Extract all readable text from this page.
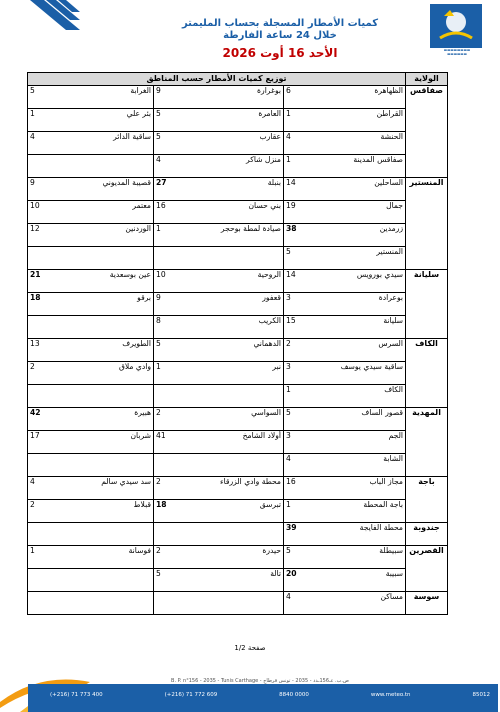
▬▬▬▬▬▬▬▬
▬▬▬▬▬▬
كميات الأمطار المسجلة بحساب المليمتر
خلال 24 ساعة الفارطة
الأحد 16 أوت 2026
الولاية	توزيع كميات الأمطار حسب المناطق					
صفاقس	الظهاهرة	6	بوغرارة	9	الغرابة	5
	القراطن	1	العامرة	5	بئر علي	1
	الحنشة	4	عقارب	5	ساقية الدائر	4
	صفاقس المدينة	1	منزل شاكر	4		
المنستير	الساحلين	14	بنبلة	27	قصيبة المديوني	9
	جمال	19	بني حسان	16	معتمر	10
	زرمدين	38	صيادة لمطة بوحجر	1	الوردنين	12
	المنستير	5				
سليانة	سيدي بورويس	14	الروحية	10	عين بوسعدية	21
	بوعرادة	3	قعفور	9	برقو	18
	سليانة	15	الكريب	8		
الكاف	السرس	2	الدهماني	5	الطويرف	13
	ساقية سيدي يوسف	3	نبر	1	وادي ملاق	2
	الكاف	1				
المهدية	قصور الساف	5	السواسي	2	هبيرة	42
	الجم	3	أولاد الشامخ	41	شربان	17
	الشابة	4				
باجة	مجاز الباب	16	محطة وادي الزرقاء	2	سد سيدي سالم	4
	باجة المحطة	1	تبرسق	18	قبلاط	2
جندوبة	محطة الفايجة	39				
القصرين	سبيطلة	5	حيدرة	2	فوسانة	1
	سبيبة	20	تالة	5		
سوسة	مساكن	4				
صفحة 1/2
B. P. n°156 - 2035 - Tunis Carthage - ص.ب. عـ156ـدد - 2035 - تونس قرطاج
(+216) 71 773 400	(+216) 71 772 609	8840 0000	www.meteo.tn	85012
